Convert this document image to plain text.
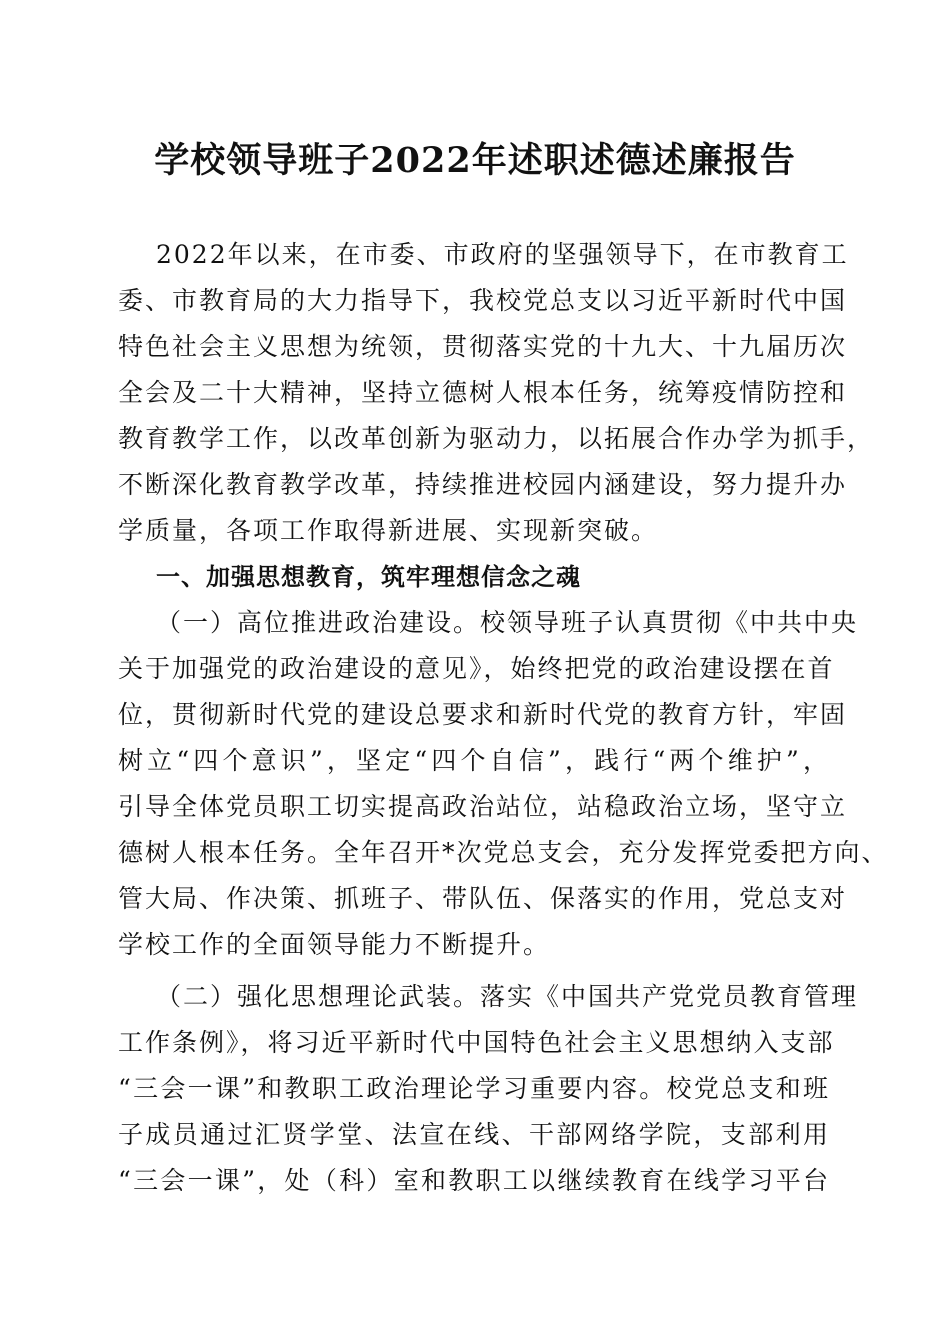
学校领导班子2022年述职述德述廉报告
2022年以来，在市委、市政府的坚强领导下，在市教育工
委、市教育局的大力指导下，我校党总支以习近平新时代中国
特色社会主义思想为统领，贯彻落实党的十九大、十九届历次
全会及二十大精神，坚持立德树人根本任务，统筹疫情防控和
教育教学工作，以改革创新为驱动力，以拓展合作办学为抓手，
不断深化教育教学改革，持续推进校园内涵建设，努力提升办
学质量，各项工作取得新进展、实现新突破。
一、加强思想教育，筑牢理想信念之魂
（一）高位推进政治建设。校领导班子认真贯彻《中共中央
关于加强党的政治建设的意见》，始终把党的政治建设摆在首
位，贯彻新时代党的建设总要求和新时代党的教育方针，牢固
树立“四个意识”，坚定“四个自信”，践行“两个维护”，
引导全体党员职工切实提高政治站位，站稳政治立场，坚守立
德树人根本任务。全年召开*次党总支会，充分发挥党委把方向、
管大局、作决策、抓班子、带队伍、保落实的作用，党总支对
学校工作的全面领导能力不断提升。
（二）强化思想理论武装。落实《中国共产党党员教育管理
工作条例》，将习近平新时代中国特色社会主义思想纳入支部
“三会一课”和教职工政治理论学习重要内容。校党总支和班
子成员通过汇贤学堂、法宣在线、干部网络学院，支部利用
“三会一课”，处（科）室和教职工以继续教育在线学习平台
